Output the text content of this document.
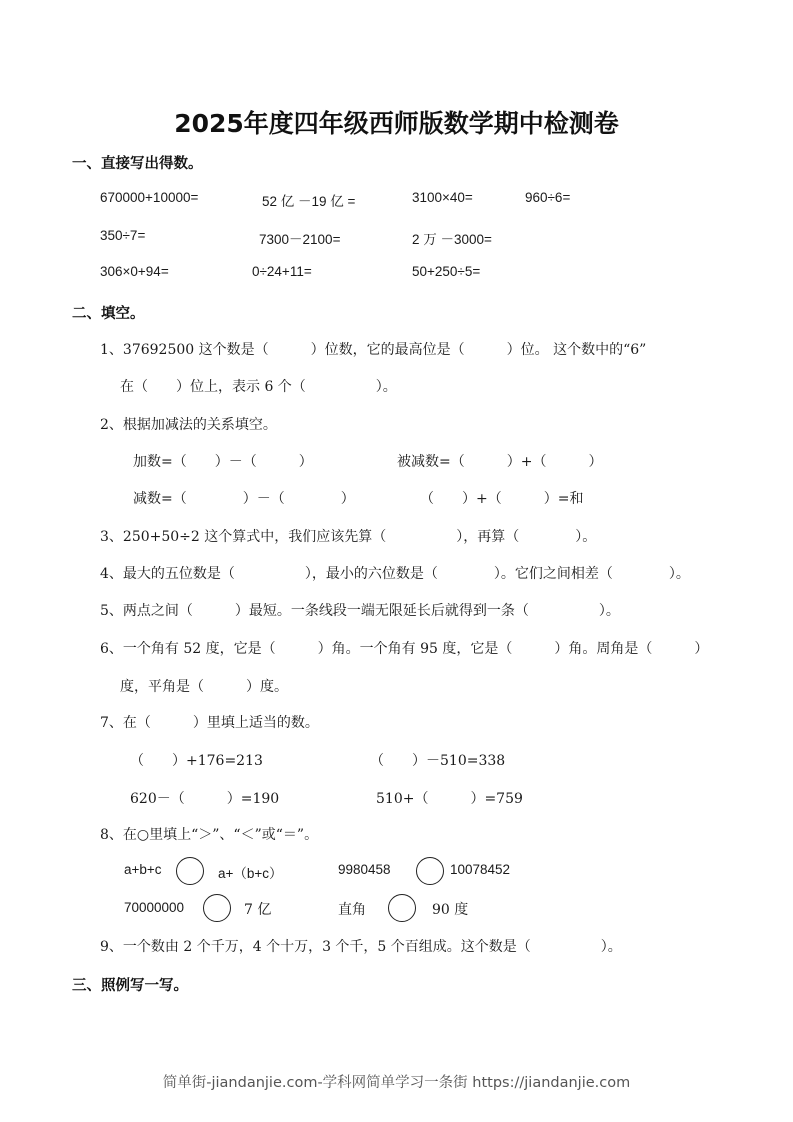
2025年度四年级西师版数学期中检测卷
一、直接写出得数。
670000+10000=	52 亿 －19 亿 =	3100×40=	960÷6=
350÷7=	7300－2100=	2 万 －3000=
306×0+94=	0÷24+11=	50+250÷5=
二、填空。
1、37692500 这个数是（　　　）位数，它的最高位是（　　　）位。 这个数中的“6”
在（　　）位上，表示 6 个（　　　　　）。
2、根据加减法的关系填空。
加数=（　　）－（　　　）	被减数=（　　　）+（　　　）
减数=（　　　　）－（　　　　）	（　　）+（　　　）=和
3、250+50÷2 这个算式中，我们应该先算（　　　　　），再算（　　　　）。
4、最大的五位数是（　　　　　），最小的六位数是（　　　　）。它们之间相差（　　　　）。
5、两点之间（　　　）最短。一条线段一端无限延长后就得到一条（　　　　　）。
6、一个角有 52 度，它是（　　　）角。一个角有 95 度，它是（　　　）角。周角是（　　　）
度，平角是（　　　）度。
7、在（　　　）里填上适当的数。
（　　）+176=213	（　　）－510=338
620－（　　　）=190	510+（　　　）=759
8、在○里填上“＞”、“＜”或“＝”。
a+b+c	a+（b+c）	9980458	10078452
70000000	7 亿	直角	90 度
9、一个数由 2 个千万，4 个十万，3 个千，5 个百组成。这个数是（　　　　　）。
三、照例写一写。
简单街-jiandanjie.com-学科网简单学习一条街 https://jiandanjie.com
